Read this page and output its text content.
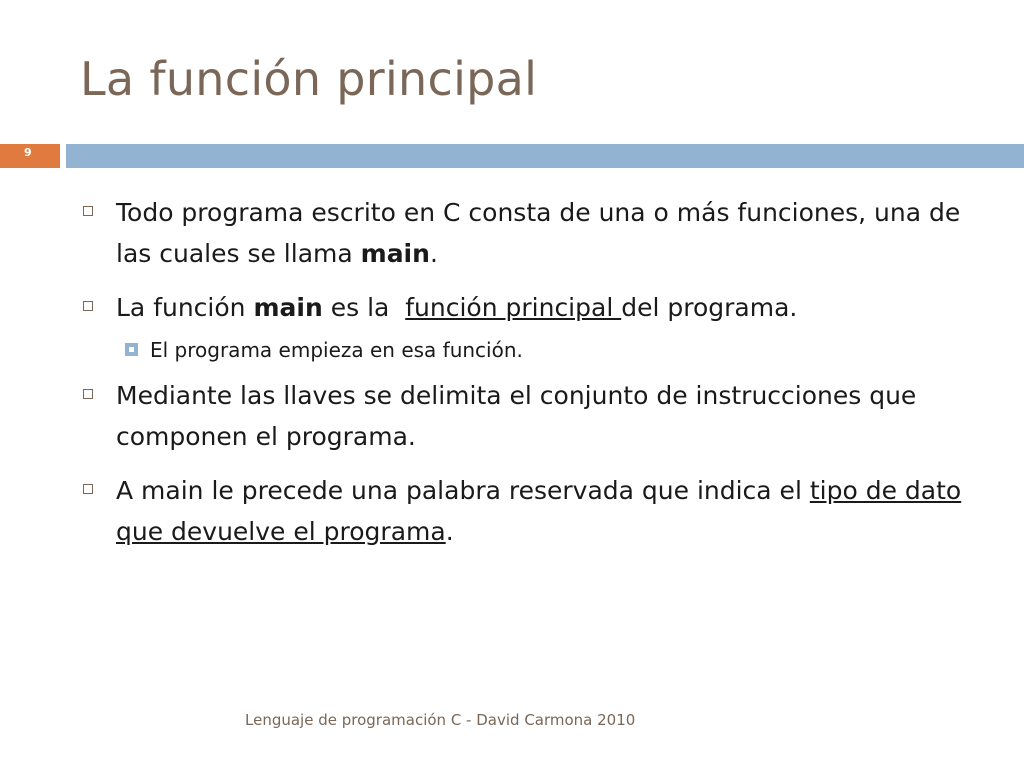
La función principal
9
Todo programa escrito en C consta de una o más funciones, una de las cuales se llama main.
La función main es la  función principal del programa.
El programa empieza en esa función.
Mediante las llaves se delimita el conjunto de instrucciones que componen el programa.
A main le precede una palabra reservada que indica el tipo de dato que devuelve el programa.
Lenguaje de programación C - David Carmona 2010
